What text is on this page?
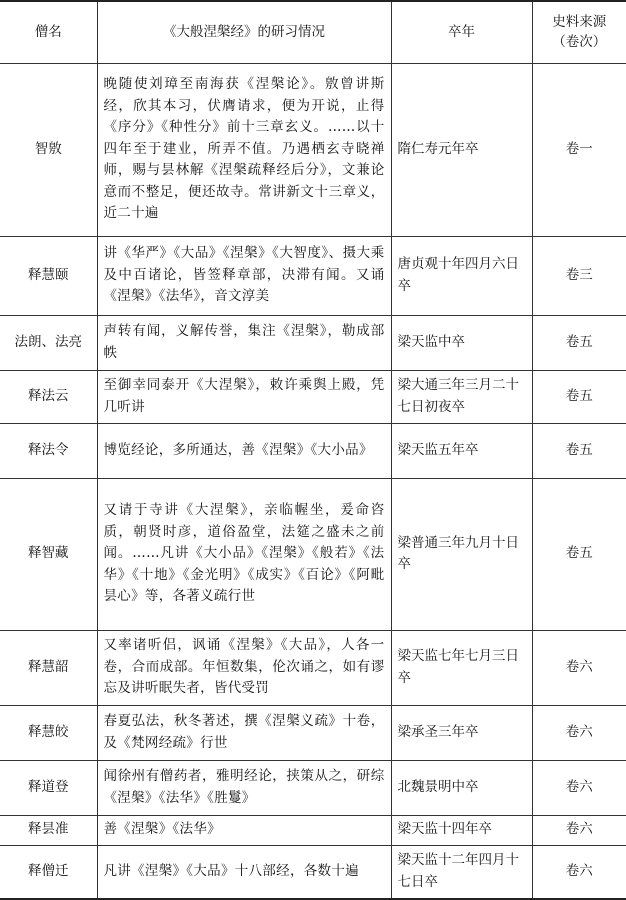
僧名	《大般涅槃经》的研习情况	卒年	史料来源
（卷次）

智敫	晚随使刘璋至南海获《涅槃论》。敫曾讲斯经，欣其本习，伏膺请求，便为开说，止得《序分》《种性分》前十三章玄义。……以十四年至于建业，所弄不值。乃遇栖玄寺晓禅师，赐与昙林解《涅槃疏释经后分》，文兼论意而不整足，便还故寺。常讲新文十三章义，近二十遍	隋仁寿元年卒	卷一
释慧颐	讲《华严》《大品》《涅槃》《大智度》、摄大乘及中百诸论，皆签释章部，决滞有闻。又诵《涅槃》《法华》，音文淳美	唐贞观十年四月六日卒	卷三
法朗、法亮	声转有闻，义解传誉，集注《涅槃》，勒成部帙	梁天监中卒	卷五
释法云	至御幸同泰开《大涅槃》，敕许乘舆上殿，凭几听讲	梁大通三年三月二十七日初夜卒	卷五
释法令	博览经论，多所通达，善《涅槃》《大小品》	梁天监五年卒	卷五
释智藏	又请于寺讲《大涅槃》，亲临幄坐，爰命咨质，朝贤时彦，道俗盈堂，法筵之盛未之前闻。……凡讲《大小品》《涅槃》《般若》《法华》《十地》《金光明》《成实》《百论》《阿毗昙心》等，各著义疏行世	梁普通三年九月十日卒	卷五
释慧韶	又率诸听侣，讽诵《涅槃》《大品》，人各一卷，合而成部。年恒数集，伦次诵之，如有谬忘及讲听眠失者，皆代受罚	梁天监七年七月三日卒	卷六
释慧皎	春夏弘法，秋冬著述，撰《涅槃义疏》十卷，及《梵网经疏》行世	梁承圣三年卒	卷六
释道登	闻徐州有僧药者，雅明经论，挟策从之，研综《涅槃》《法华》《胜鬘》	北魏景明中卒	卷六
释昙准	善《涅槃》《法华》	梁天监十四年卒	卷六
释僧迁	凡讲《涅槃》《大品》十八部经，各数十遍	梁天监十二年四月十七日卒	卷六
